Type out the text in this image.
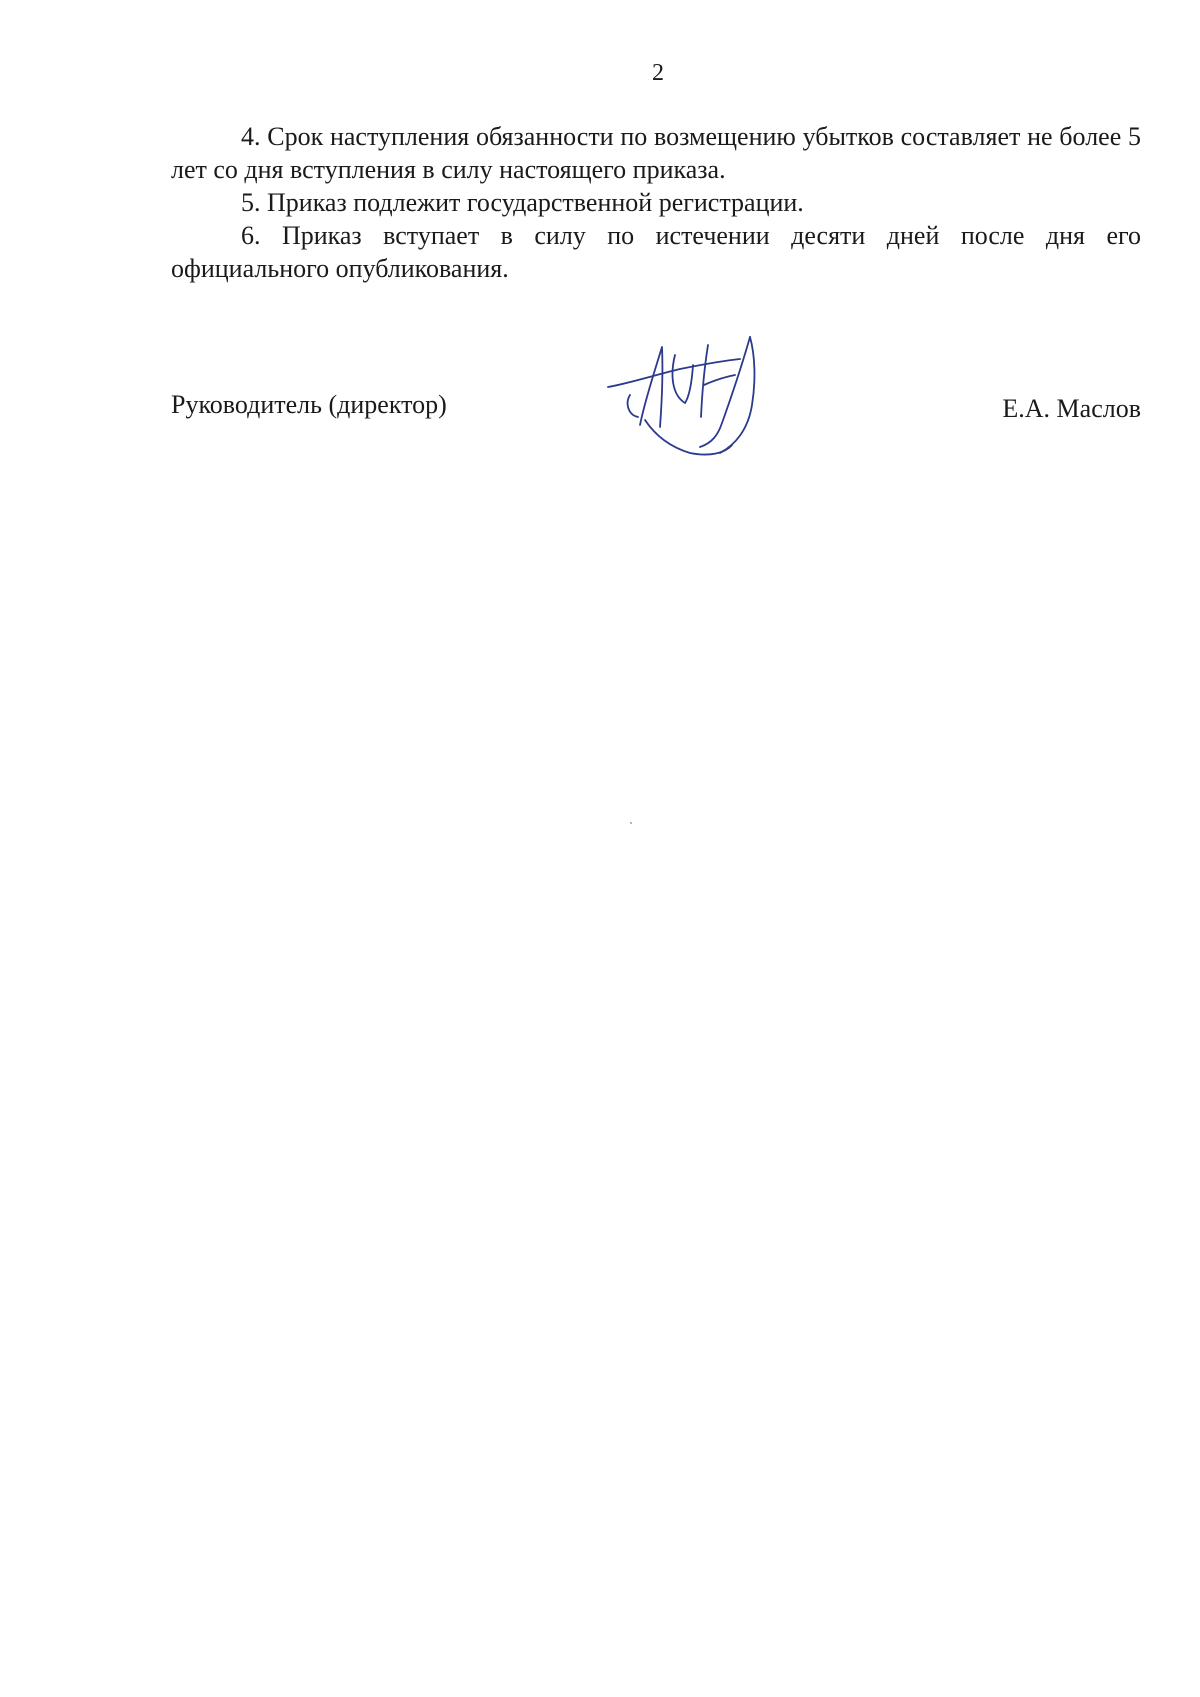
2

4. Срок наступления обязанности по возмещению убытков составляет не более 5 лет со дня вступления в силу настоящего приказа.

5. Приказ подлежит государственной регистрации.

6. Приказ вступает в силу по истечении десяти дней после дня его официального опубликования.

Руководитель (директор)	Е.А. Маслов
